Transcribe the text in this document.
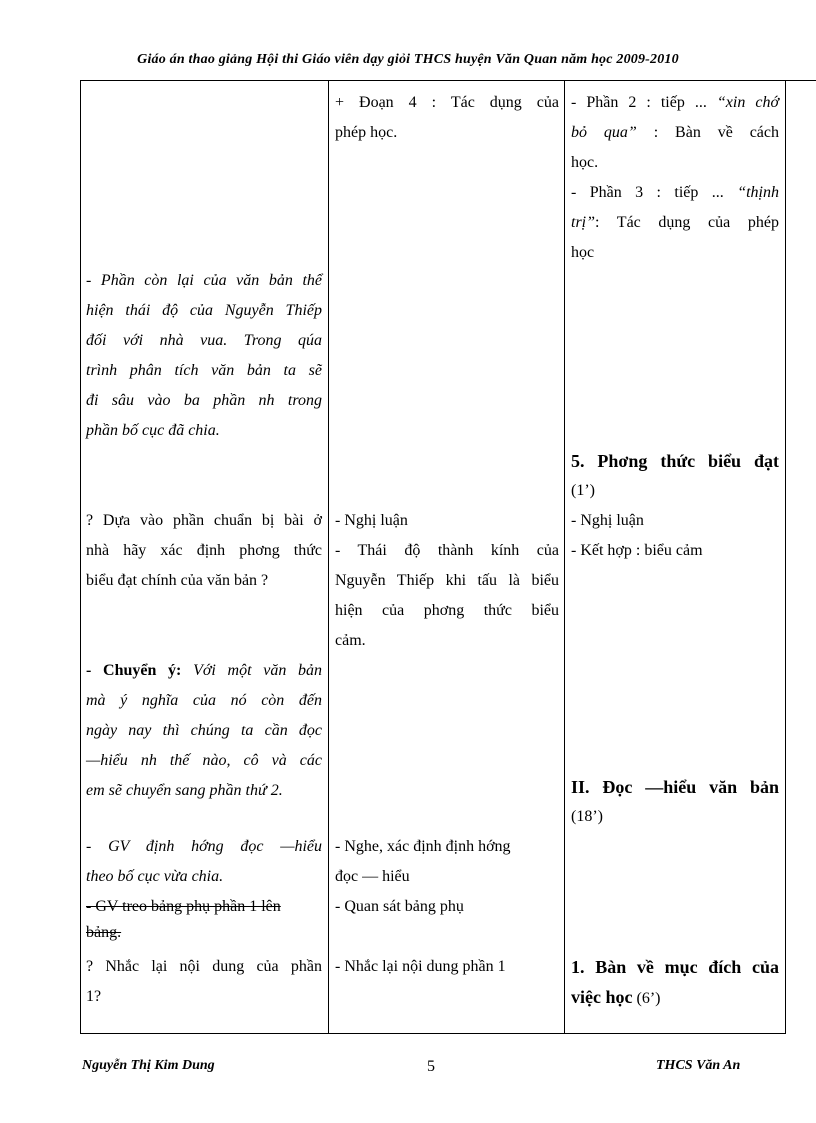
Giáo án thao giảng Hội thi Giáo viên dạy giỏi THCS huyện Văn Quan năm học 2009-2010
- Phần còn lại của văn bản thể
hiện thái độ của Nguyễn Thiếp
đối với nhà vua. Trong qúa
trình phân tích văn bản ta sẽ
đi sâu vào ba phần nh trong
phần bố cục đã chia.
? Dựa vào phần chuẩn bị bài ở
nhà hãy xác định phơng thức
biểu đạt chính của văn bản ?
- Chuyển ý: Với một văn bản
mà ý nghĩa của nó còn đến
ngày nay thì chúng ta cần đọc
—hiểu nh thế nào, cô và các
em sẽ chuyển sang phần thứ 2.
- GV định hớng đọc —hiểu
theo bố cục vừa chia.
- GV treo bảng phụ phần 1 lên
bảng.
? Nhắc lại nội dung của phần
1?
+ Đoạn 4 : Tác dụng của
phép học.
- Nghị luận
- Thái độ thành kính của
Nguyễn Thiếp khi tấu là biểu
hiện của phơng thức biểu
cảm.
- Nghe, xác định định hớng
đọc — hiểu
- Quan sát bảng phụ
- Nhắc lại nội dung phần 1
- Phần 2 : tiếp ... “xin chớ
bỏ qua” : Bàn về cách
học.
- Phần 3 : tiếp ... “thịnh
trị”: Tác dụng của phép
học
5. Phơng thức biểu đạt
(1’)
- Nghị luận
- Kết hợp : biểu cảm
II. Đọc —hiểu văn bản
(18’)
1. Bàn về mục đích của
việc học (6’)
Nguyễn Thị Kim Dung	5	THCS Văn An
